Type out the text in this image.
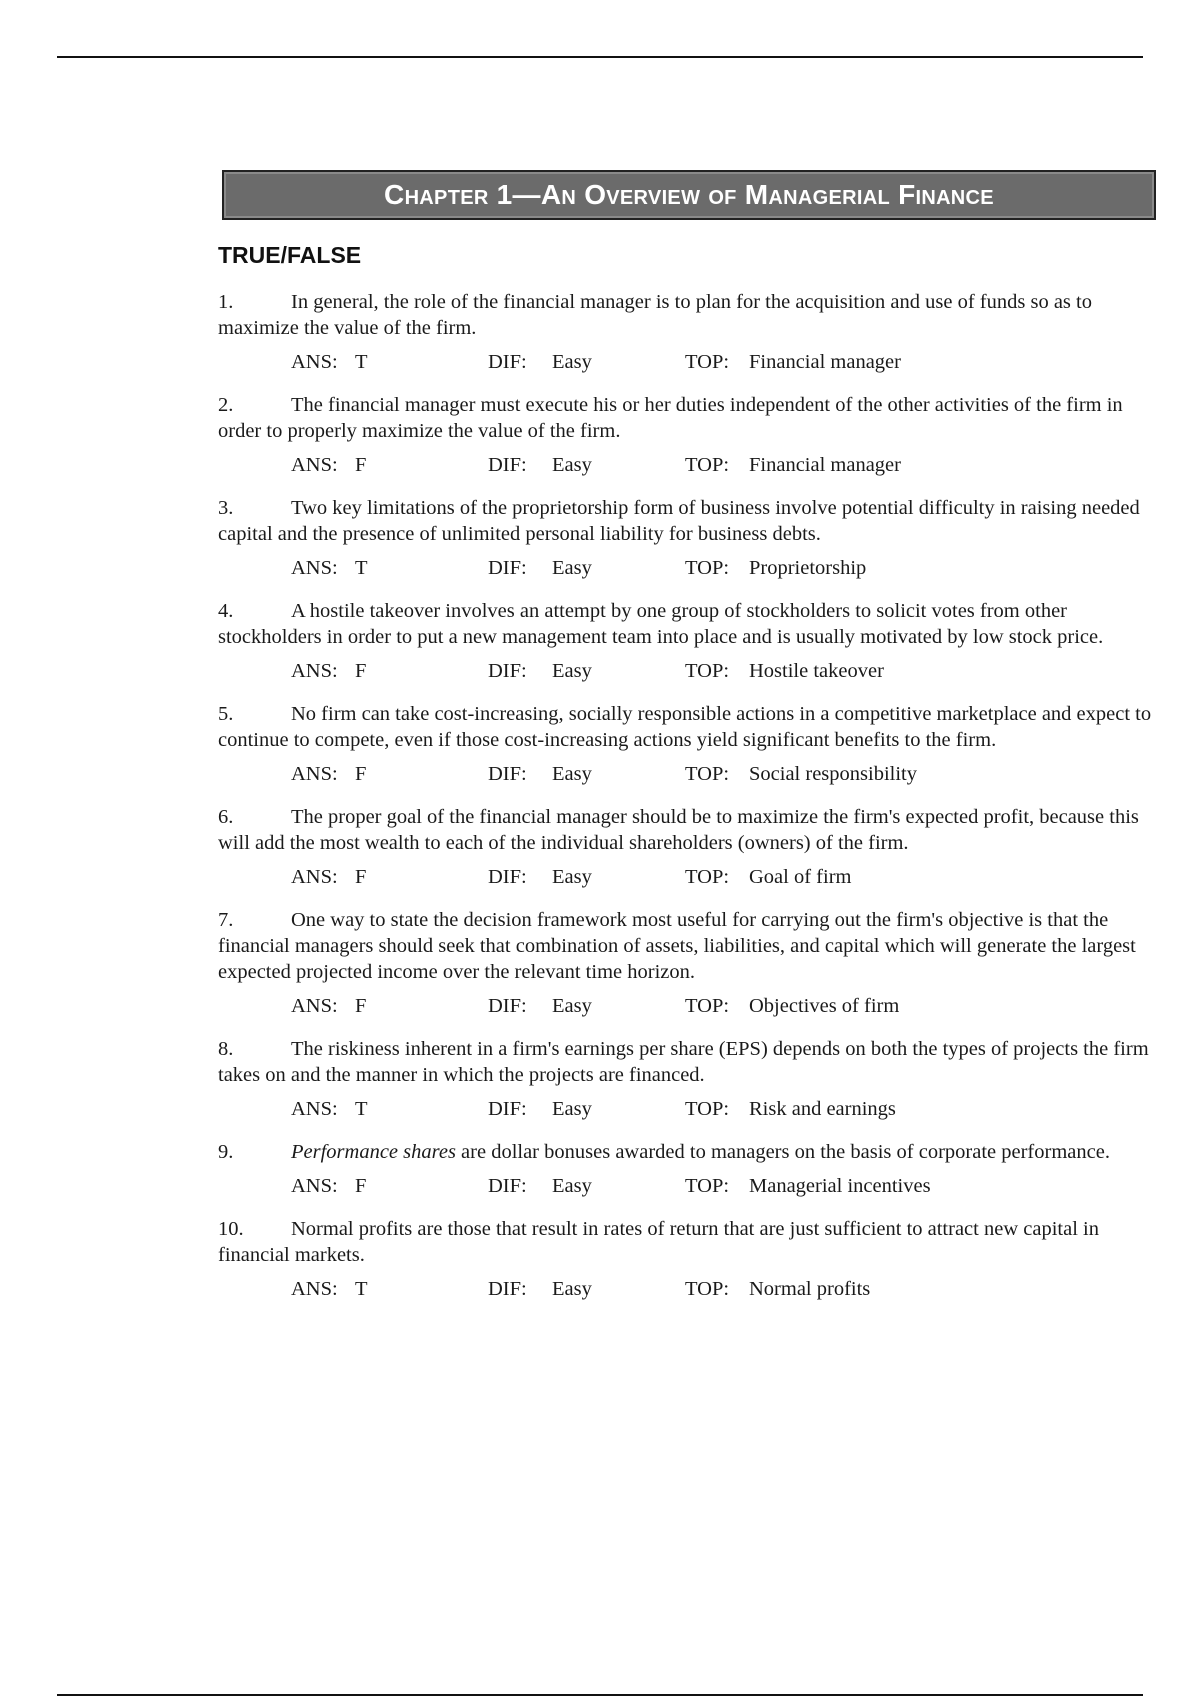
Chapter 1—An Overview of Managerial Finance
TRUE/FALSE

1.	In general, the role of the financial manager is to plan for the acquisition and use of funds so as to maximize the value of the firm.

ANS: T	DIF: Easy	TOP: Financial manager

2.	The financial manager must execute his or her duties independent of the other activities of the firm in order to properly maximize the value of the firm.

ANS: F	DIF: Easy	TOP: Financial manager

3.	Two key limitations of the proprietorship form of business involve potential difficulty in raising needed capital and the presence of unlimited personal liability for business debts.

ANS: T	DIF: Easy	TOP: Proprietorship

4.	A hostile takeover involves an attempt by one group of stockholders to solicit votes from other stockholders in order to put a new management team into place and is usually motivated by low stock price.

ANS: F	DIF: Easy	TOP: Hostile takeover

5.	No firm can take cost-increasing, socially responsible actions in a competitive marketplace and expect to continue to compete, even if those cost-increasing actions yield significant benefits to the firm.

ANS: F	DIF: Easy	TOP: Social responsibility

6.	The proper goal of the financial manager should be to maximize the firm's expected profit, because this will add the most wealth to each of the individual shareholders (owners) of the firm.

ANS: F	DIF: Easy	TOP: Goal of firm

7.	One way to state the decision framework most useful for carrying out the firm's objective is that the financial managers should seek that combination of assets, liabilities, and capital which will generate the largest expected projected income over the relevant time horizon.

ANS: F	DIF: Easy	TOP: Objectives of firm

8.	The riskiness inherent in a firm's earnings per share (EPS) depends on both the types of projects the firm takes on and the manner in which the projects are financed.

ANS: T	DIF: Easy	TOP: Risk and earnings

9.	Performance shares are dollar bonuses awarded to managers on the basis of corporate performance.

ANS: F	DIF: Easy	TOP: Managerial incentives

10. Normal profits are those that result in rates of return that are just sufficient to attract new capital in financial markets.

ANS: T	DIF: Easy	TOP: Normal profits
